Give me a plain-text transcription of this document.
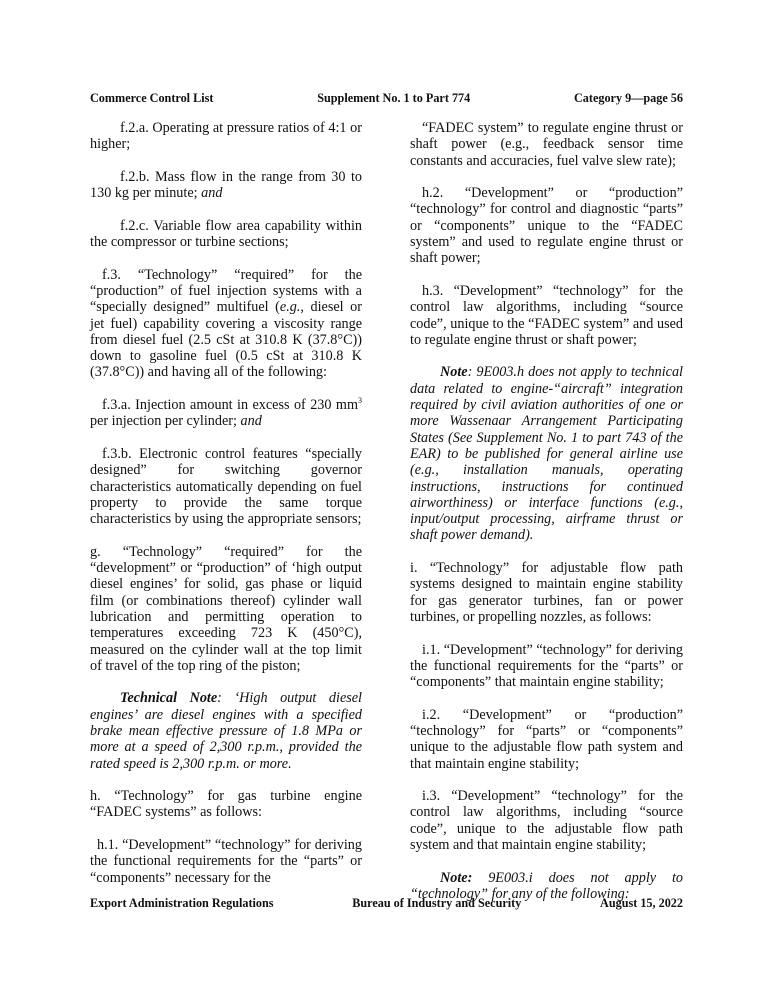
Commerce Control List	Supplement No. 1 to Part 774	Category 9—page 56

f.2.a. Operating at pressure ratios of 4:1 or higher;

f.2.b. Mass flow in the range from 30 to 130 kg per minute; and

f.2.c. Variable flow area capability within the compressor or turbine sections;

f.3. “Technology” “required” for the “production” of fuel injection systems with a “specially designed” multifuel (e.g., diesel or jet fuel) capability covering a viscosity range from diesel fuel (2.5 cSt at 310.8 K (37.8°C)) down to gasoline fuel (0.5 cSt at 310.8 K (37.8°C)) and having all of the following:

f.3.a. Injection amount in excess of 230 $mm^3$ per injection per cylinder; and

f.3.b. Electronic control features “specially designed” for switching governor characteristics automatically depending on fuel property to provide the same torque characteristics by using the appropriate sensors;

g. “Technology” “required” for the “development” or “production” of ‘high output diesel engines’ for solid, gas phase or liquid film (or combinations thereof) cylinder wall lubrication and permitting operation to temperatures exceeding 723 K (450°C), measured on the cylinder wall at the top limit of travel of the top ring of the piston;

Technical Note: ‘High output diesel engines’ are diesel engines with a specified brake mean effective pressure of 1.8 MPa or more at a speed of 2,300 r.p.m., provided the rated speed is 2,300 r.p.m. or more.

h. “Technology” for gas turbine engine “FADEC systems” as follows:

h.1. “Development” “technology” for deriving the functional requirements for the “parts” or “components” necessary for the

“FADEC system” to regulate engine thrust or shaft power (e.g., feedback sensor time constants and accuracies, fuel valve slew rate);

h.2. “Development” or “production” “technology” for control and diagnostic “parts” or “components” unique to the “FADEC system” and used to regulate engine thrust or shaft power;

h.3. “Development” “technology” for the control law algorithms, including “source code”, unique to the “FADEC system” and used to regulate engine thrust or shaft power;

Note: 9E003.h does not apply to technical data related to engine-“aircraft” integration required by civil aviation authorities of one or more Wassenaar Arrangement Participating States (See Supplement No. 1 to part 743 of the EAR) to be published for general airline use (e.g., installation manuals, operating instructions, instructions for continued airworthiness) or interface functions (e.g., input/output processing, airframe thrust or shaft power demand).

i. “Technology” for adjustable flow path systems designed to maintain engine stability for gas generator turbines, fan or power turbines, or propelling nozzles, as follows:

i.1. “Development” “technology” for deriving the functional requirements for the “parts” or “components” that maintain engine stability;

i.2. “Development” or “production” “technology” for “parts” or “components” unique to the adjustable flow path system and that maintain engine stability;

i.3. “Development” “technology” for the control law algorithms, including “source code”, unique to the adjustable flow path system and that maintain engine stability;

Note: 9E003.i does not apply to “technology” for any of the following:

Export Administration Regulations	Bureau of Industry and Security	August 15, 2022
